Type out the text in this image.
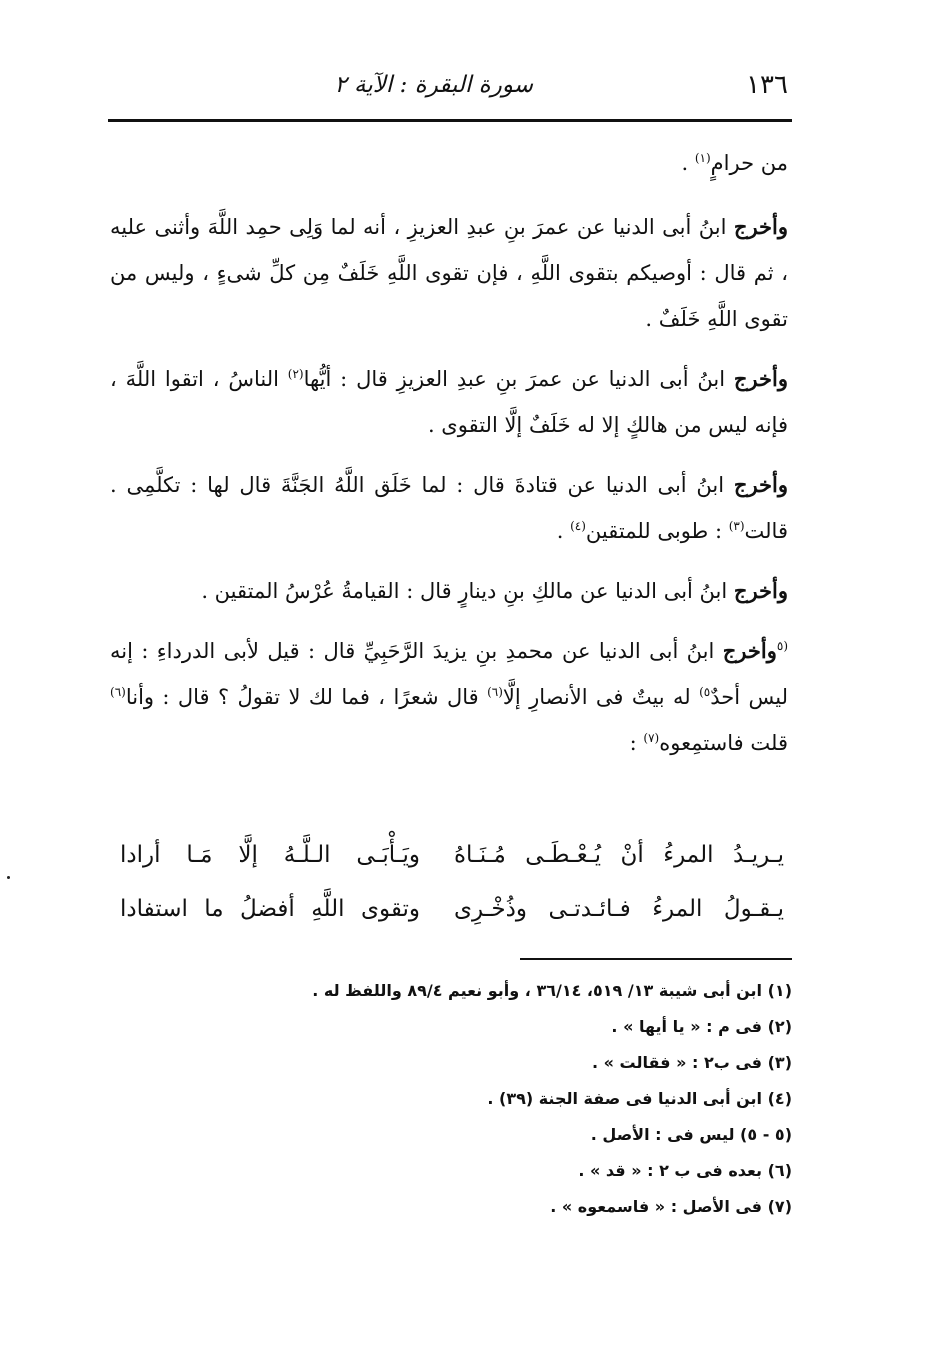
١٣٦
سورة البقرة : الآية ٢

من حرامٍ$^{(١)}$ .

وأخرج ابنُ أبى الدنيا عن عمرَ بنِ عبدِ العزيزِ ، أنه لما وَلِى حمِد اللَّهَ وأثنى عليه ، ثم قال : أوصيكم بتقوى اللَّهِ ، فإن تقوى اللَّهِ خَلَفٌ مِن كلِّ شىءٍ ، وليس من تقوى اللَّهِ خَلَفٌ .

وأخرج ابنُ أبى الدنيا عن عمرَ بنِ عبدِ العزيزِ قال : أيُّها$^{(٢)}$ الناسُ ، اتقوا اللَّهَ ، فإنه ليس من هالكٍ إلا له خَلَفٌ إلَّا التقوى .

وأخرج ابنُ أبى الدنيا عن قتادةَ قال : لما خَلَق اللَّهُ الجَنَّةَ قال لها : تكلَّمِى . قالت$^{(٣)}$ : طوبى للمتقين$^{(٤)}$ .

وأخرج ابنُ أبى الدنيا عن مالكِ بنِ دينارٍ قال : القيامةُ عُرْسُ المتقين .

$^{(٥}$وأخرج ابنُ أبى الدنيا عن محمدِ بنِ يزيدَ الرَّحَبِيِّ قال : قيل لأبى الدرداءِ : إنه ليس أحدٌ$^{٥)}$ له بيتٌ فى الأنصارِ إلَّا$^{(٦)}$ قال شعرًا ، فما لك لا تقولُ ؟ قال : وأنا$^{(٦)}$ قلت فاستمِعوه$^{(٧)}$ :

يـريـدُ المرءُ أنْ يُـعْـطَـى مُـنَـاهُ
ويَـأْبَـى الـلَّـهُ إلَّا مَـا أرادا
يـقـولُ المرءُ فـائـدتـى وذُخْـرِى
وتقوى اللَّهِ أفضلُ ما استفادا
(١) ابن أبى شيبة ١٣/ ٥١٩، ٣٦/١٤ ، وأبو نعيم ٨٩/٤ واللفظ له .
(٢) فى م : « يا أيها » .
(٣) فى ب٢ : « فقالت » .
(٤) ابن أبى الدنيا فى صفة الجنة (٣٩) .
(٥ - ٥) ليس فى : الأصل .
(٦) بعده فى ب ٢ : « قد » .
(٧) فى الأصل : « فاسمعوه » .
